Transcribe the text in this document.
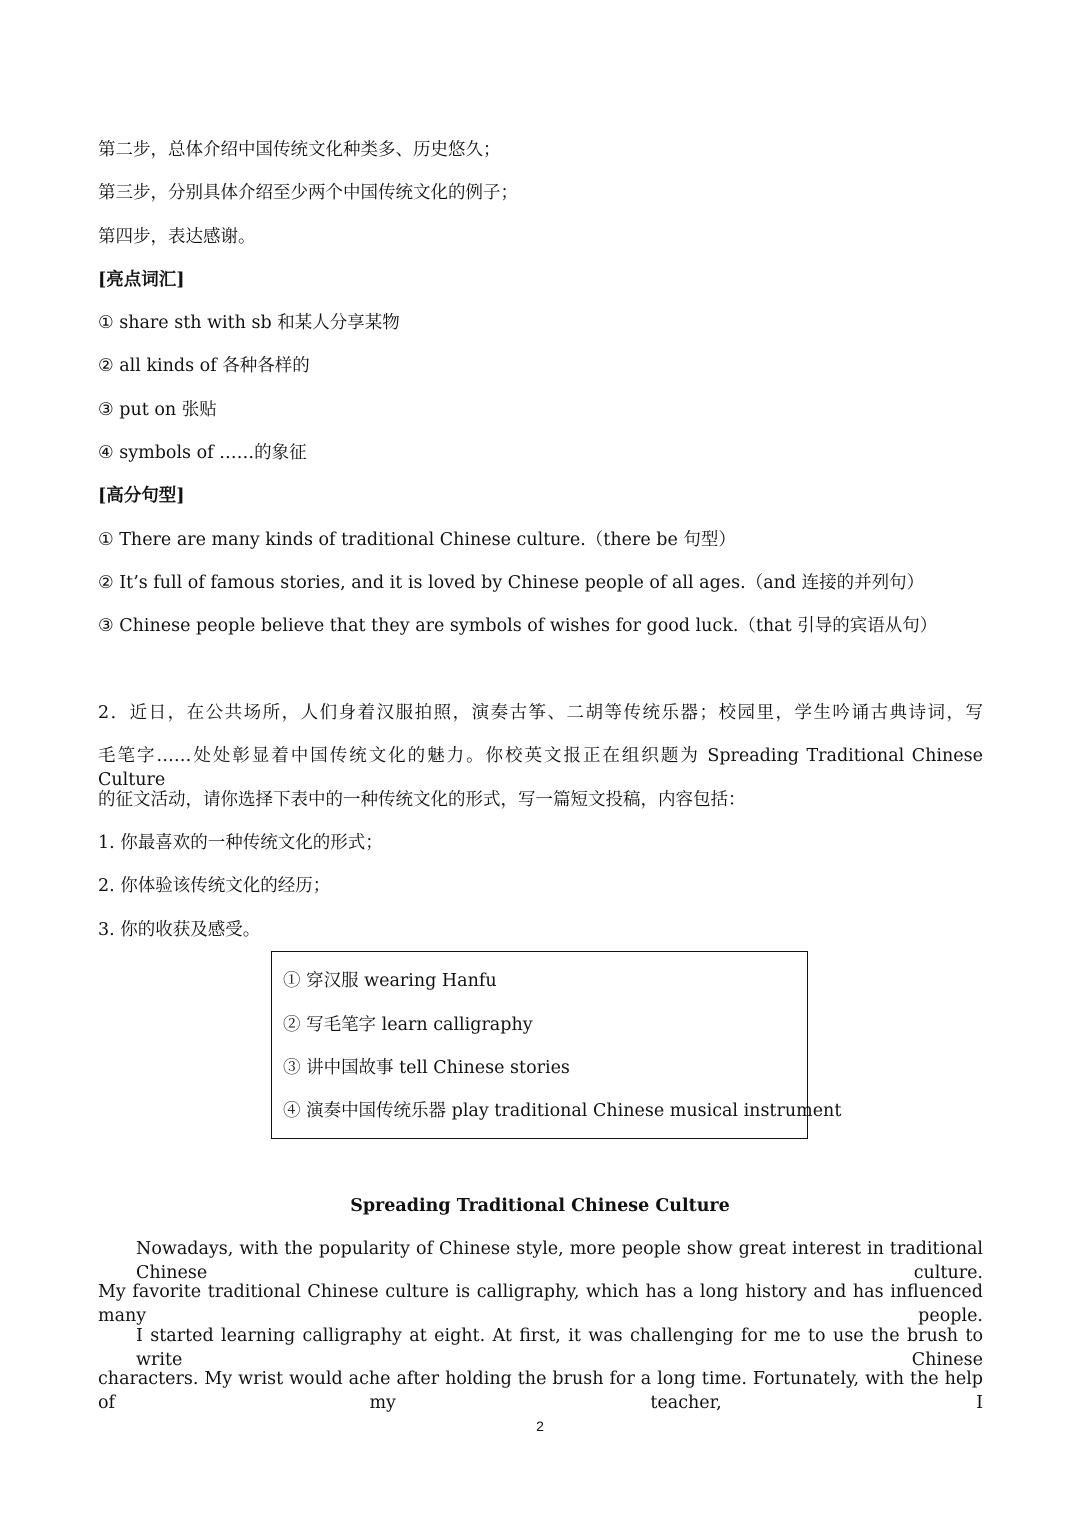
第二步，总体介绍中国传统文化种类多、历史悠久；

第三步，分别具体介绍至少两个中国传统文化的例子；

第四步，表达感谢。

[亮点词汇]

① share sth with sb 和某人分享某物

② all kinds of 各种各样的

③ put on 张贴

④ symbols of ……的象征

[高分句型]

① There are many kinds of traditional Chinese culture.（there be 句型）

② It’s full of famous stories, and it is loved by Chinese people of all ages.（and 连接的并列句）

③ Chinese people believe that they are symbols of wishes for good luck.（that 引导的宾语从句）

2．近日，在公共场所，人们身着汉服拍照，演奏古筝、二胡等传统乐器；校园里，学生吟诵古典诗词，写

毛笔字……处处彰显着中国传统文化的魅力。你校英文报正在组织题为 Spreading Traditional Chinese Culture

的征文活动，请你选择下表中的一种传统文化的形式，写一篇短文投稿，内容包括：

1. 你最喜欢的一种传统文化的形式；

2. 你体验该传统文化的经历；

3. 你的收获及感受。

① 穿汉服 wearing Hanfu

② 写毛笔字 learn calligraphy

③ 讲中国故事 tell Chinese stories

④ 演奏中国传统乐器 play traditional Chinese musical instrument

Spreading Traditional Chinese Culture

Nowadays, with the popularity of Chinese style, more people show great interest in traditional Chinese culture.

My favorite traditional Chinese culture is calligraphy, which has a long history and has influenced many people.

I started learning calligraphy at eight. At first, it was challenging for me to use the brush to write Chinese

characters. My wrist would ache after holding the brush for a long time. Fortunately, with the help of my teacher, I

2
